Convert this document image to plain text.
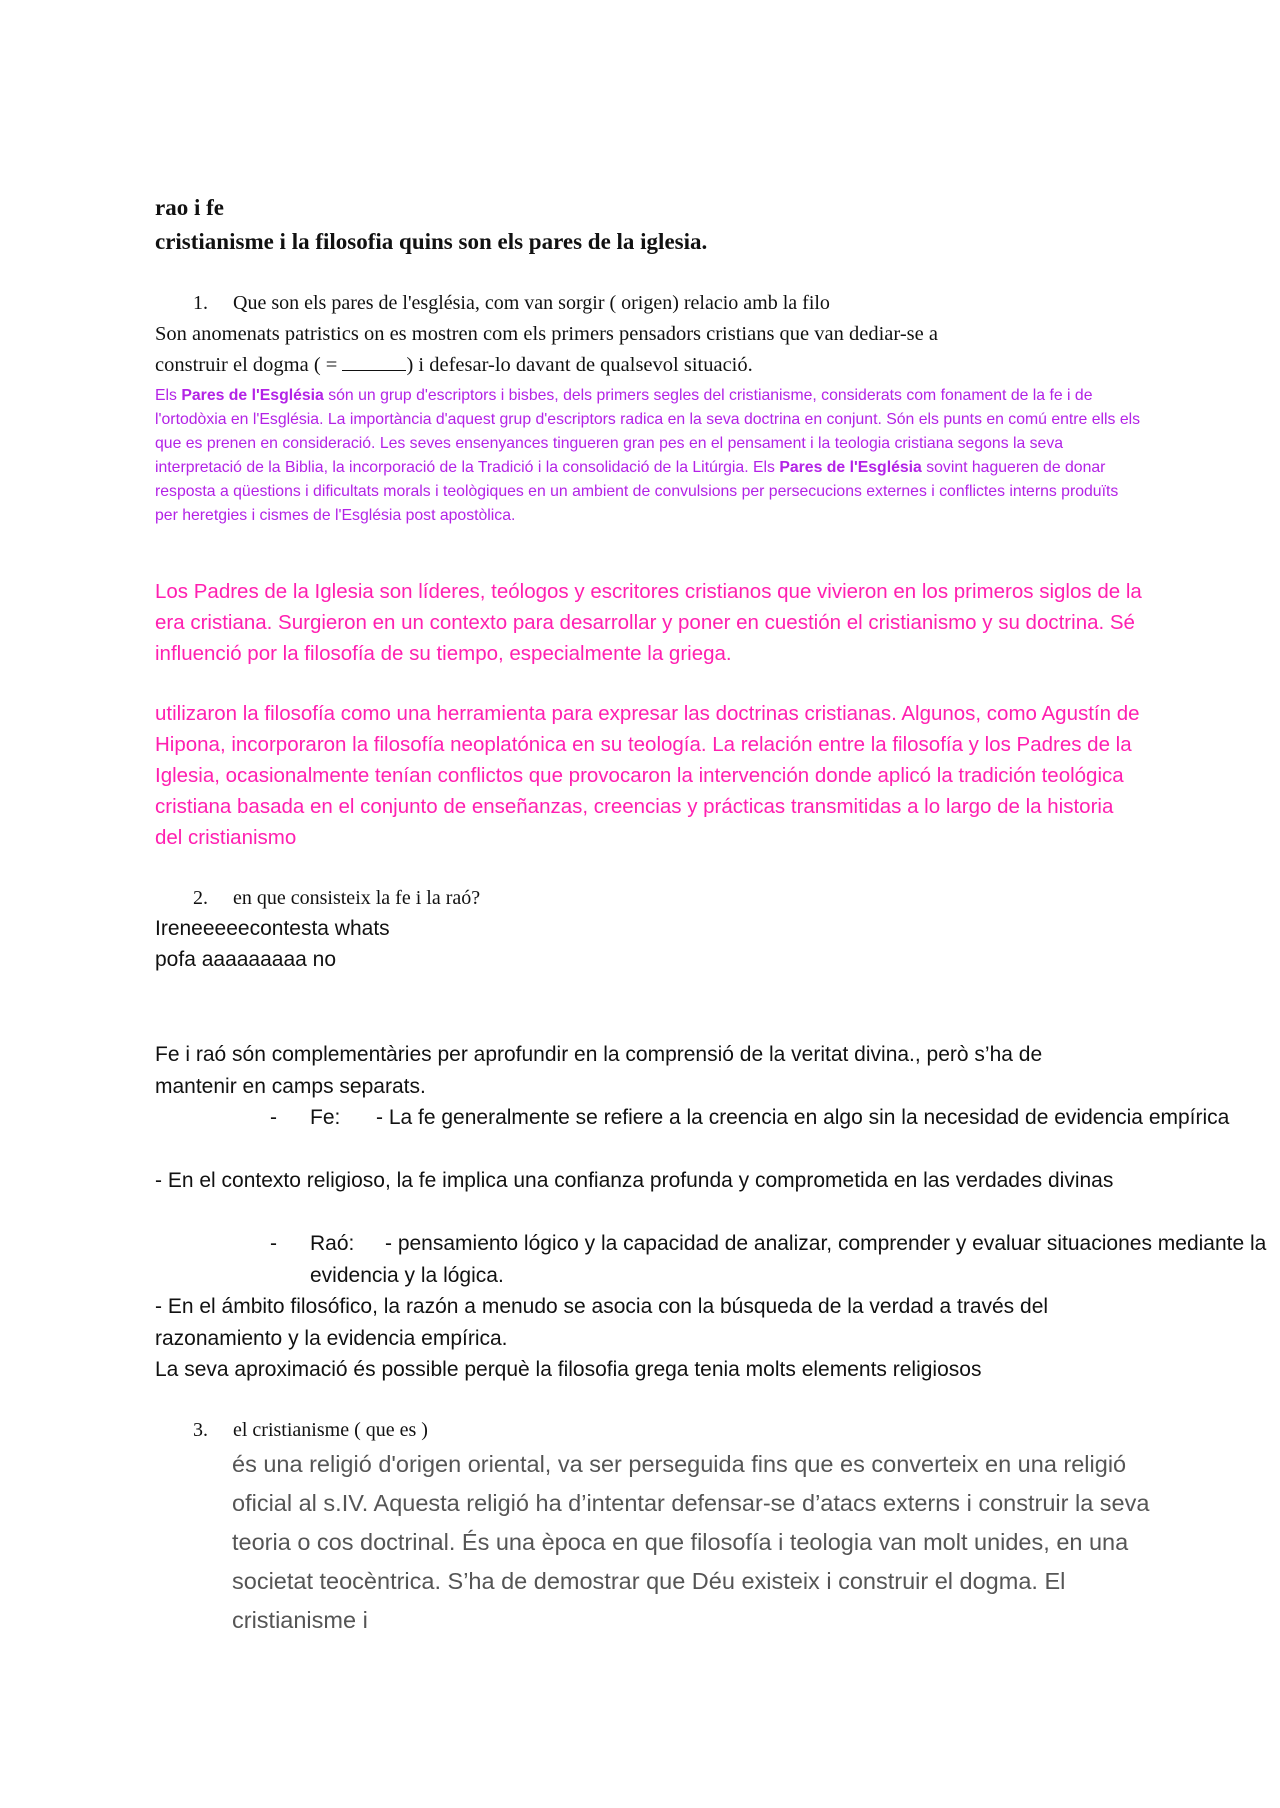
rao i fe
cristianisme i la filosofia quins son els pares de la iglesia.
1. Que son els pares de l'església, com van sorgir ( origen) relacio amb la filo
Son anomenats patristics on es mostren com els primers pensadors cristians que van dediar-se a
construir el dogma ( =	) i defesar-lo davant de qualsevol situació.
Els Pares de l'Església són un grup d'escriptors i bisbes, dels primers segles del cristianisme, considerats com fonament de la fe i de l'ortodòxia en l'Església. La importància d'aquest grup d'escriptors radica en la seva doctrina en conjunt. Són els punts en comú entre ells els que es prenen en consideració. Les seves ensenyances tingueren gran pes en el pensament i la teologia cristiana segons la seva interpretació de la Biblia, la incorporació de la Tradició i la consolidació de la Litúrgia. Els Pares de l'Església sovint hagueren de donar resposta a qüestions i dificultats morals i teològiques en un ambient de convulsions per persecucions externes i conflictes interns produïts per heretgies i cismes de l'Església post apostòlica.
Los Padres de la Iglesia son líderes, teólogos y escritores cristianos que vivieron en los primeros siglos de la era cristiana. Surgieron en un contexto para desarrollar y poner en cuestión el cristianismo y su doctrina. Sé influenció por la filosofía de su tiempo, especialmente la griega.
utilizaron la filosofía como una herramienta para expresar las doctrinas cristianas. Algunos, como Agustín de Hipona, incorporaron la filosofía neoplatónica en su teología. La relación entre la filosofía y los Padres de la Iglesia, ocasionalmente tenían conflictos que provocaron la intervención donde aplicó la tradición teológica cristiana basada en el conjunto de enseñanzas, creencias y prácticas transmitidas a lo largo de la historia del cristianismo
2. en que consisteix la fe i la raó?
Ireneeeeecontesta whats
pofa aaaaaaaaa no
Fe i raó són complementàries per aprofundir en la comprensió de la veritat divina., però s’ha de mantenir en camps separats.
- Fe:	- La fe generalmente se refiere a la creencia en algo sin la necesidad de evidencia empírica
- En el contexto religioso, la fe implica una confianza profunda y comprometida en las verdades divinas
- Raó:	- pensamiento lógico y la capacidad de analizar, comprender y evaluar situaciones mediante la evidencia y la lógica.
- En el ámbito filosófico, la razón a menudo se asocia con la búsqueda de la verdad a través del razonamiento y la evidencia empírica.
La seva aproximació és possible perquè la filosofia grega tenia molts elements religiosos
3. el cristianisme ( que es )
és una religió d'origen oriental, va ser perseguida fins que es converteix en una religió oficial al s.IV. Aquesta religió ha d’intentar defensar-se d’atacs externs i construir la seva teoria o cos doctrinal. És una època en que filosofía i teologia van molt unides, en una societat teocèntrica. S’ha de demostrar que Déu existeix i construir el dogma. El cristianisme i
